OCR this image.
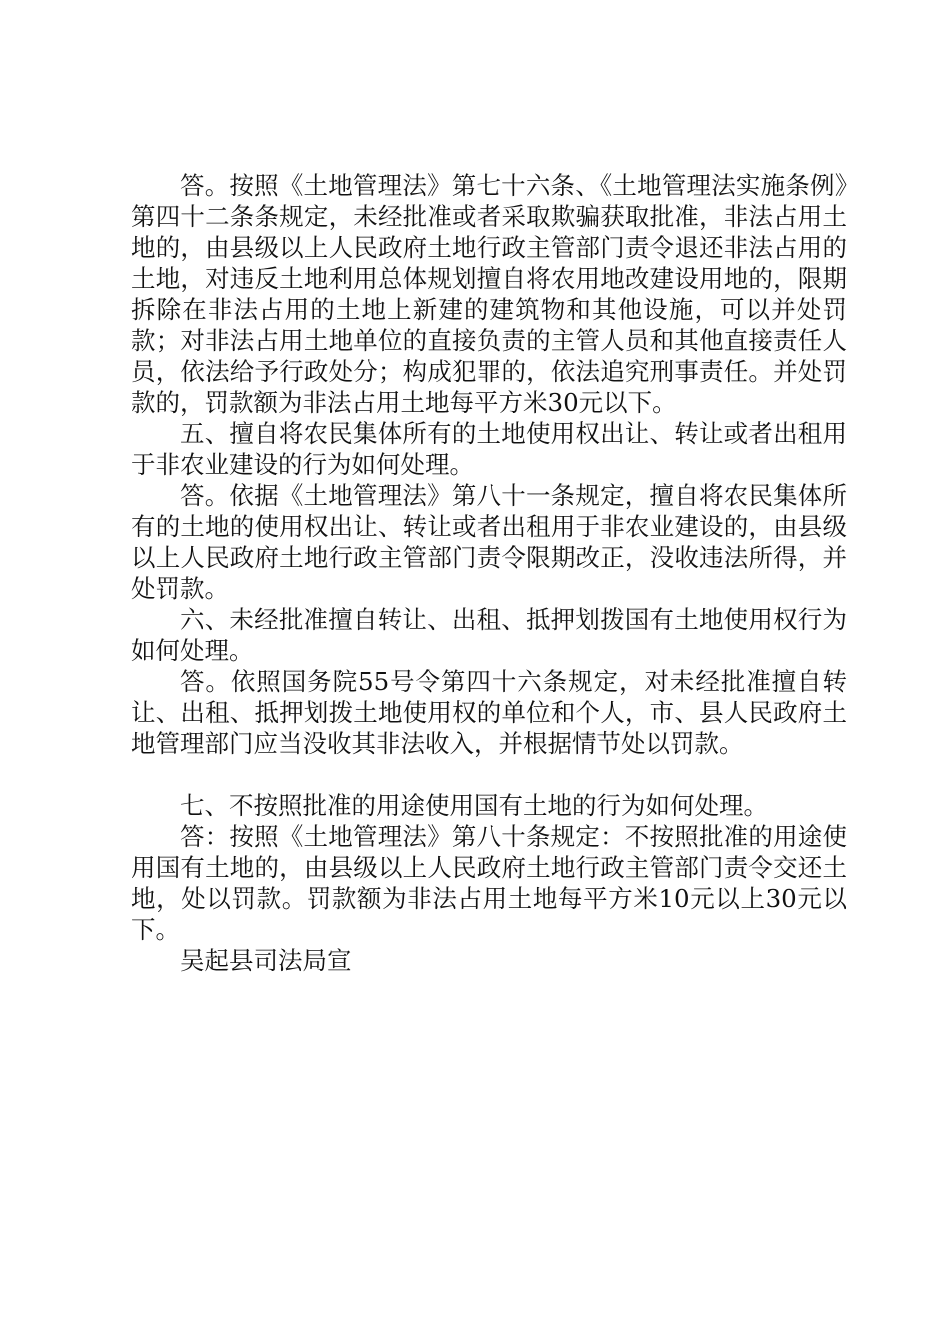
答。按照《土地管理法》第七十六条、《土地管理法实施条例》第四十二条条规定，未经批准或者采取欺骗获取批准，非法占用土地的，由县级以上人民政府土地行政主管部门责令退还非法占用的土地，对违反土地利用总体规划擅自将农用地改建设用地的，限期拆除在非法占用的土地上新建的建筑物和其他设施，可以并处罚款；对非法占用土地单位的直接负责的主管人员和其他直接责任人员，依法给予行政处分；构成犯罪的，依法追究刑事责任。并处罚款的，罚款额为非法占用土地每平方米30元以下。

五、擅自将农民集体所有的土地使用权出让、转让或者出租用于非农业建设的行为如何处理。

答。依据《土地管理法》第八十一条规定，擅自将农民集体所有的土地的使用权出让、转让或者出租用于非农业建设的，由县级以上人民政府土地行政主管部门责令限期改正，没收违法所得，并处罚款。

六、未经批准擅自转让、出租、抵押划拨国有土地使用权行为如何处理。

答。依照国务院55号令第四十六条规定，对未经批准擅自转让、出租、抵押划拨土地使用权的单位和个人，市、县人民政府土地管理部门应当没收其非法收入，并根据情节处以罚款。

七、不按照批准的用途使用国有土地的行为如何处理。

答：按照《土地管理法》第八十条规定：不按照批准的用途使用国有土地的，由县级以上人民政府土地行政主管部门责令交还土地，处以罚款。罚款额为非法占用土地每平方米10元以上30元以下。

吴起县司法局宣
